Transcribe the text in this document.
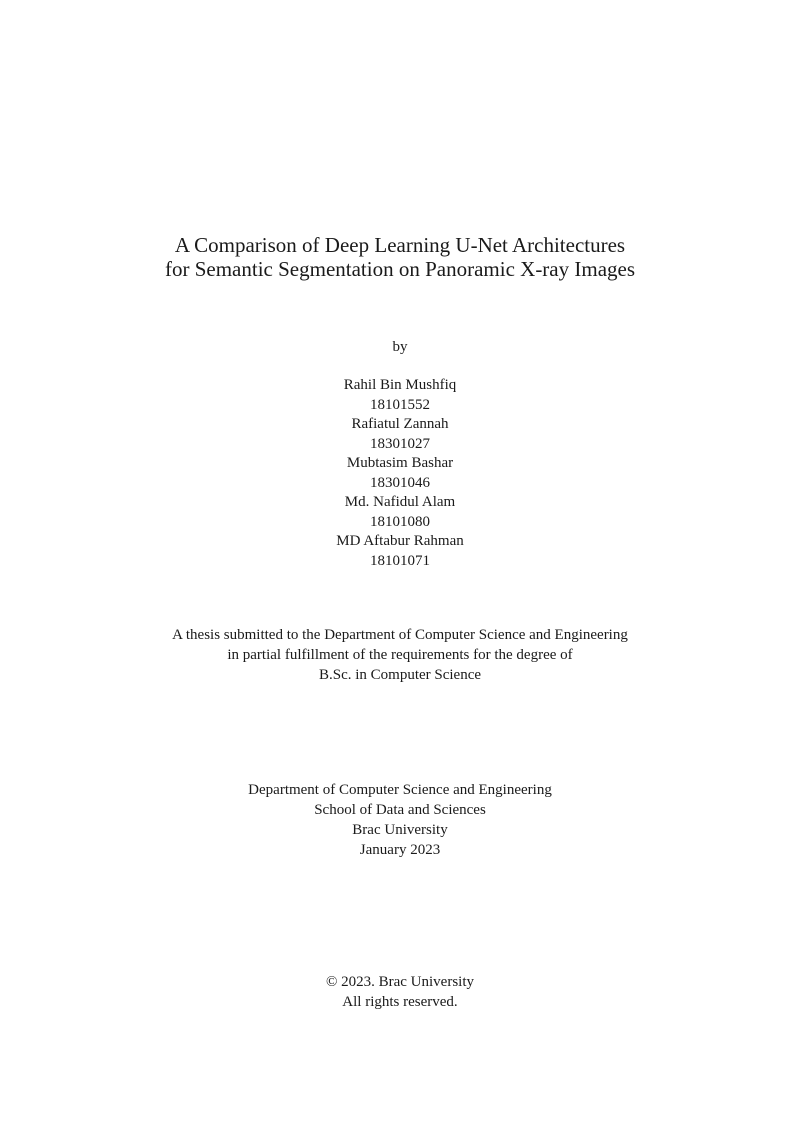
A Comparison of Deep Learning U-Net Architectures
for Semantic Segmentation on Panoramic X-ray Images
by
Rahil Bin Mushfiq
18101552
Rafiatul Zannah
18301027
Mubtasim Bashar
18301046
Md. Nafidul Alam
18101080
MD Aftabur Rahman
18101071
A thesis submitted to the Department of Computer Science and Engineering
in partial fulfillment of the requirements for the degree of
B.Sc. in Computer Science
Department of Computer Science and Engineering
School of Data and Sciences
Brac University
January 2023
© 2023. Brac University
All rights reserved.
